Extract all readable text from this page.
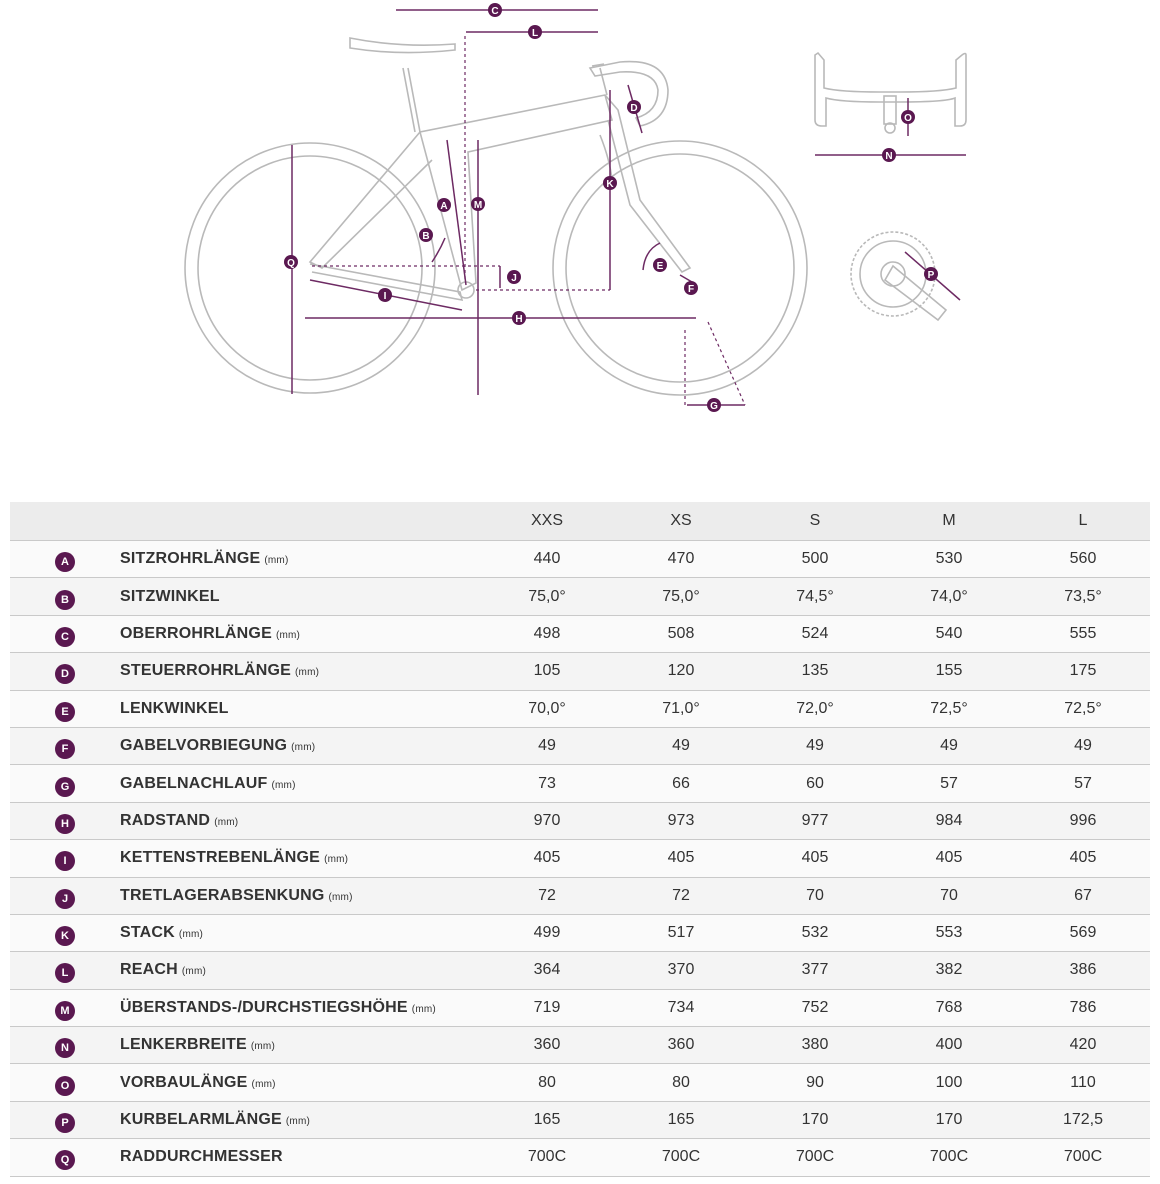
A
B
C
D
E
F
G
H
I
J
K
L
M
N
O
P
Q
		XXS	XS	S	M	L
A	SITZROHRLÄNGE (mm)	440	470	500	530	560
B	SITZWINKEL	75,0°	75,0°	74,5°	74,0°	73,5°
C	OBERROHRLÄNGE (mm)	498	508	524	540	555
D	STEUERROHRLÄNGE (mm)	105	120	135	155	175
E	LENKWINKEL	70,0°	71,0°	72,0°	72,5°	72,5°
F	GABELVORBIEGUNG (mm)	49	49	49	49	49
G	GABELNACHLAUF (mm)	73	66	60	57	57
H	RADSTAND (mm)	970	973	977	984	996
I	KETTENSTREBENLÄNGE (mm)	405	405	405	405	405
J	TRETLAGERABSENKUNG (mm)	72	72	70	70	67
K	STACK (mm)	499	517	532	553	569
L	REACH (mm)	364	370	377	382	386
M	ÜBERSTANDS-/DURCHSTIEGSHÖHE (mm)	719	734	752	768	786
N	LENKERBREITE (mm)	360	360	380	400	420
O	VORBAULÄNGE (mm)	80	80	90	100	110
P	KURBELARMLÄNGE (mm)	165	165	170	170	172,5
Q	RADDURCHMESSER	700C	700C	700C	700C	700C
